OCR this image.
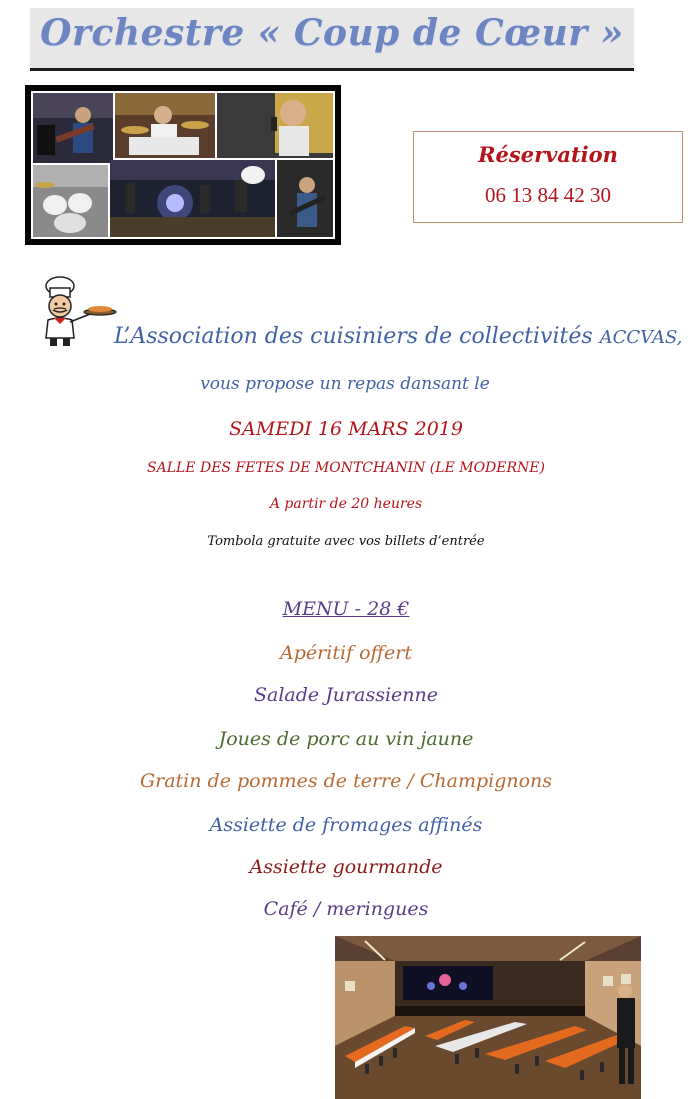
Orchestre « Coup de Cœur »
Réservation
06 13 84 42 30
L’Association des cuisiniers de collectivités ACCVAS,
vous propose un repas dansant le
SAMEDI 16 MARS 2019
SALLE DES FETES DE MONTCHANIN (LE MODERNE)
A partir de 20 heures
Tombola gratuite avec vos billets d’entrée
MENU - 28 €
Apéritif offert
Salade Jurassienne
Joues de porc au vin jaune
Gratin de pommes de terre / Champignons
Assiette de fromages affinés
Assiette gourmande
Café / meringues
